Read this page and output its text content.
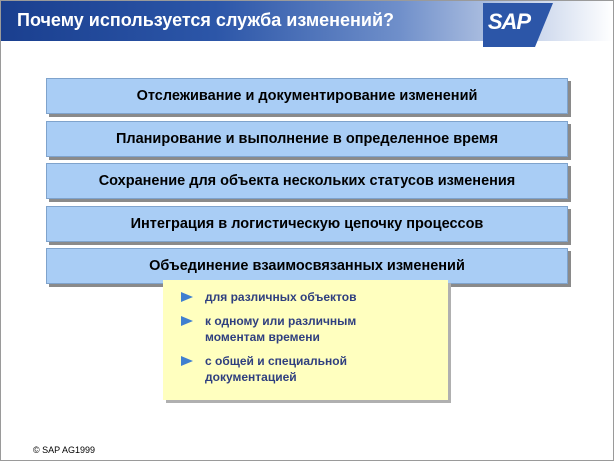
Почему используется служба изменений?	SAP
Отслеживание и документирование изменений
Планирование и выполнение в определенное время
Сохранение для объекта нескольких статусов изменения
Интеграция в логистическую цепочку процессов
Объединение взаимосвязанных изменений
для различных объектов
к одному или различным моментам времени
с общей и специальной документацией
© SAP AG1999
